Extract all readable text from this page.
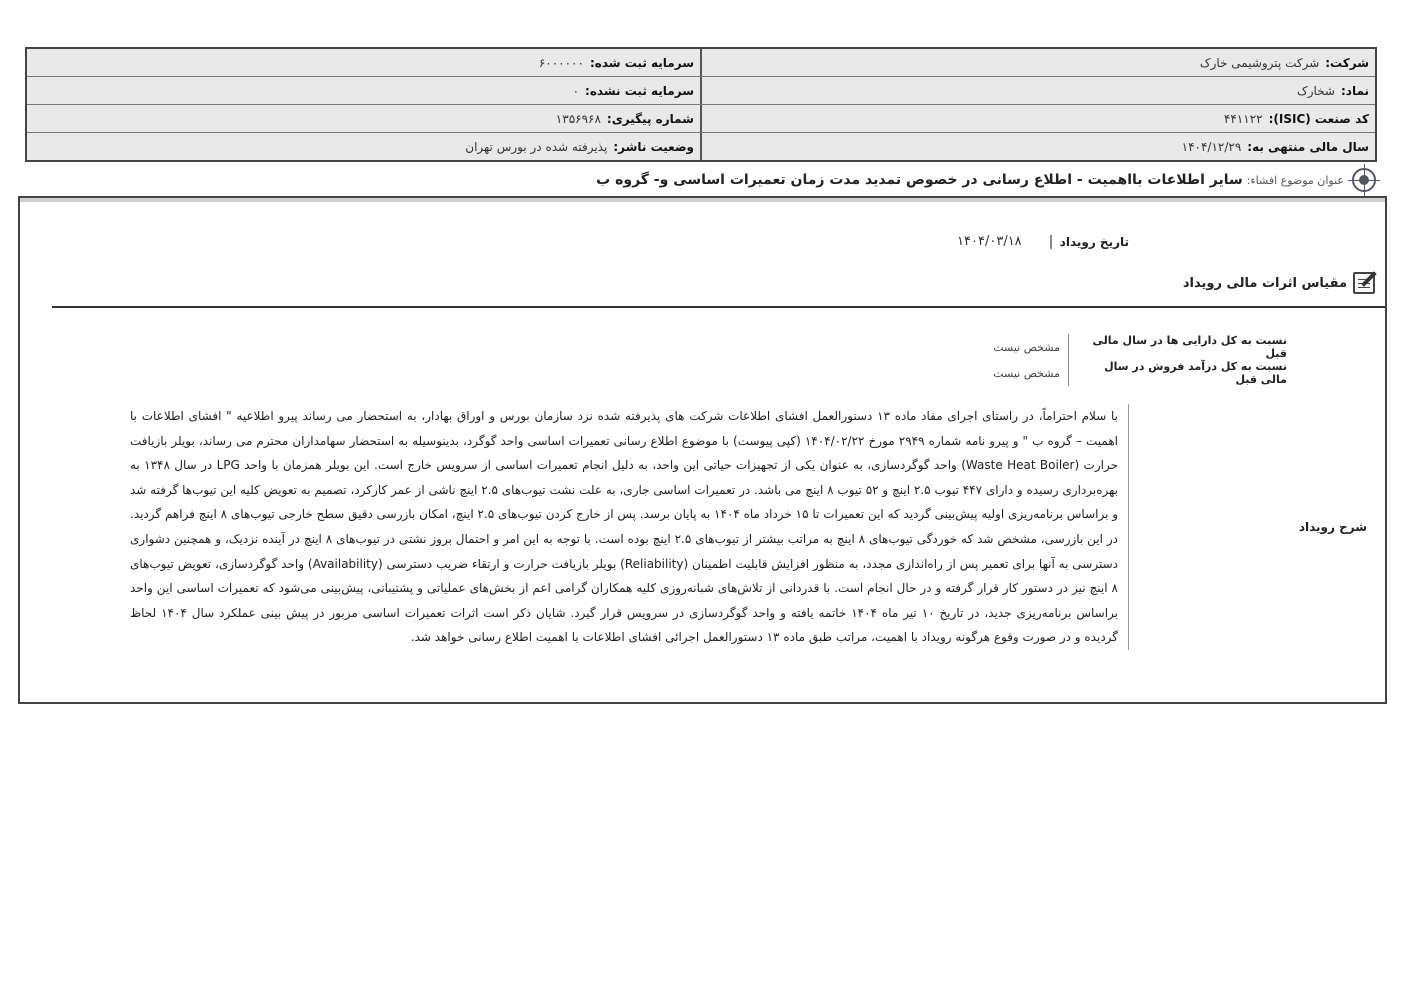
شرکت:
شرکت پتروشیمی خارک
سرمایه ثبت شده:
۶۰۰۰۰۰۰
نماد:
شخارک
سرمایه ثبت نشده:
۰
کد صنعت (ISIC):
۴۴۱۱۲۲
شماره پیگیری:
۱۳۵۶۹۶۸
سال مالی منتهی به:
۱۴۰۴/۱۲/۲۹
وضعیت ناشر:
پذیرفته شده در بورس تهران
عنوان موضوع افشاء:
سایر اطلاعات بااهمیت - اطلاع رسانی در خصوص تمدید مدت زمان تعمیرات اساسی و- گروه ب
تاریخ رویداد
۱۴۰۴/۰۳/۱۸
مقیاس اثرات مالی رویداد
نسبت به کل دارایی ها در سال مالی قبل
مشخص نیست
نسبت به کل درآمد فروش در سال مالی قبل
مشخص نیست
شرح رویداد
با سلام احتراماً، در راستای اجرای مفاد ماده ۱۳ دستورالعمل افشای اطلاعات شرکت های پذیرفته شده نزد سازمان بورس و اوراق بهادار، به استحضار می رساند پیرو اطلاعیه " افشای اطلاعات با اهمیت – گروه ب " و پیرو نامه شماره ۲۹۴۹ مورخ ۱۴۰۴/۰۲/۲۲ (کپی پیوست) با موضوع اطلاع رسانی تعمیرات اساسی واحد گوگرد، بدینوسیله به استحضار سهامداران محترم می رساند، بویلر بازیافت حرارت (Waste Heat Boiler) واحد گوگردسازی، به عنوان یکی از تجهیزات حیاتی این واحد، به دلیل انجام تعمیرات اساسی از سرویس خارج است. این بویلر همزمان با واحد LPG در سال ۱۳۴۸ به بهره‌برداری رسیده و دارای ۴۴۷ تیوب ۲.۵ اینچ و ۵۲ تیوب ۸ اینچ می باشد. در تعمیرات اساسی جاری، به علت نشت تیوب‌های ۲.۵ اینچ ناشی از عمر کارکرد، تصمیم به تعویض کلیه این تیوب‌ها گرفته شد و براساس برنامه‌ریزی اولیه پیش‌بینی گردید که این تعمیرات تا ۱۵ خرداد ماه ۱۴۰۴ به پایان برسد. پس از خارج کردن تیوب‌های ۲.۵ اینچ، امکان بازرسی دقیق سطح خارجی تیوب‌های ۸ اینچ فراهم گردید. در این بازرسی، مشخص شد که خوردگی تیوب‌های ۸ اینچ به مراتب بیشتر از تیوب‌های ۲.۵ اینچ بوده است. با توجه به این امر و احتمال بروز نشتی در تیوب‌های ۸ اینچ در آینده نزدیک، و همچنین دشواری دسترسی به آنها برای تعمیر پس از راه‌اندازی مجدد، به منظور افزایش قابلیت اطمینان (Reliability) بویلر بازیافت حرارت و ارتقاء ضریب دسترسی (Availability) واحد گوگردسازی، تعویض تیوب‌های ۸ اینچ نیز در دستور کار قرار گرفته و در حال انجام است. با قدردانی از تلاش‌های شبانه‌روزی کلیه همکاران گرامی اعم از بخش‌های عملیاتی و پشتیبانی، پیش‌بینی می‌شود که تعمیرات اساسی این واحد براساس برنامه‌ریزی جدید، در تاریخ ۱۰ تیر ماه ۱۴۰۴ خاتمه یافته و واحد گوگردسازی در سرویس قرار گیرد. شایان ذکر است اثرات تعمیرات اساسی مزبور در پیش بینی عملکرد سال ۱۴۰۴ لحاظ گردیده و در صورت وقوع هرگونه رویداد با اهمیت، مراتب طبق ماده ۱۳ دستورالعمل اجرائی افشای اطلاعات با اهمیت اطلاع رسانی خواهد شد.
